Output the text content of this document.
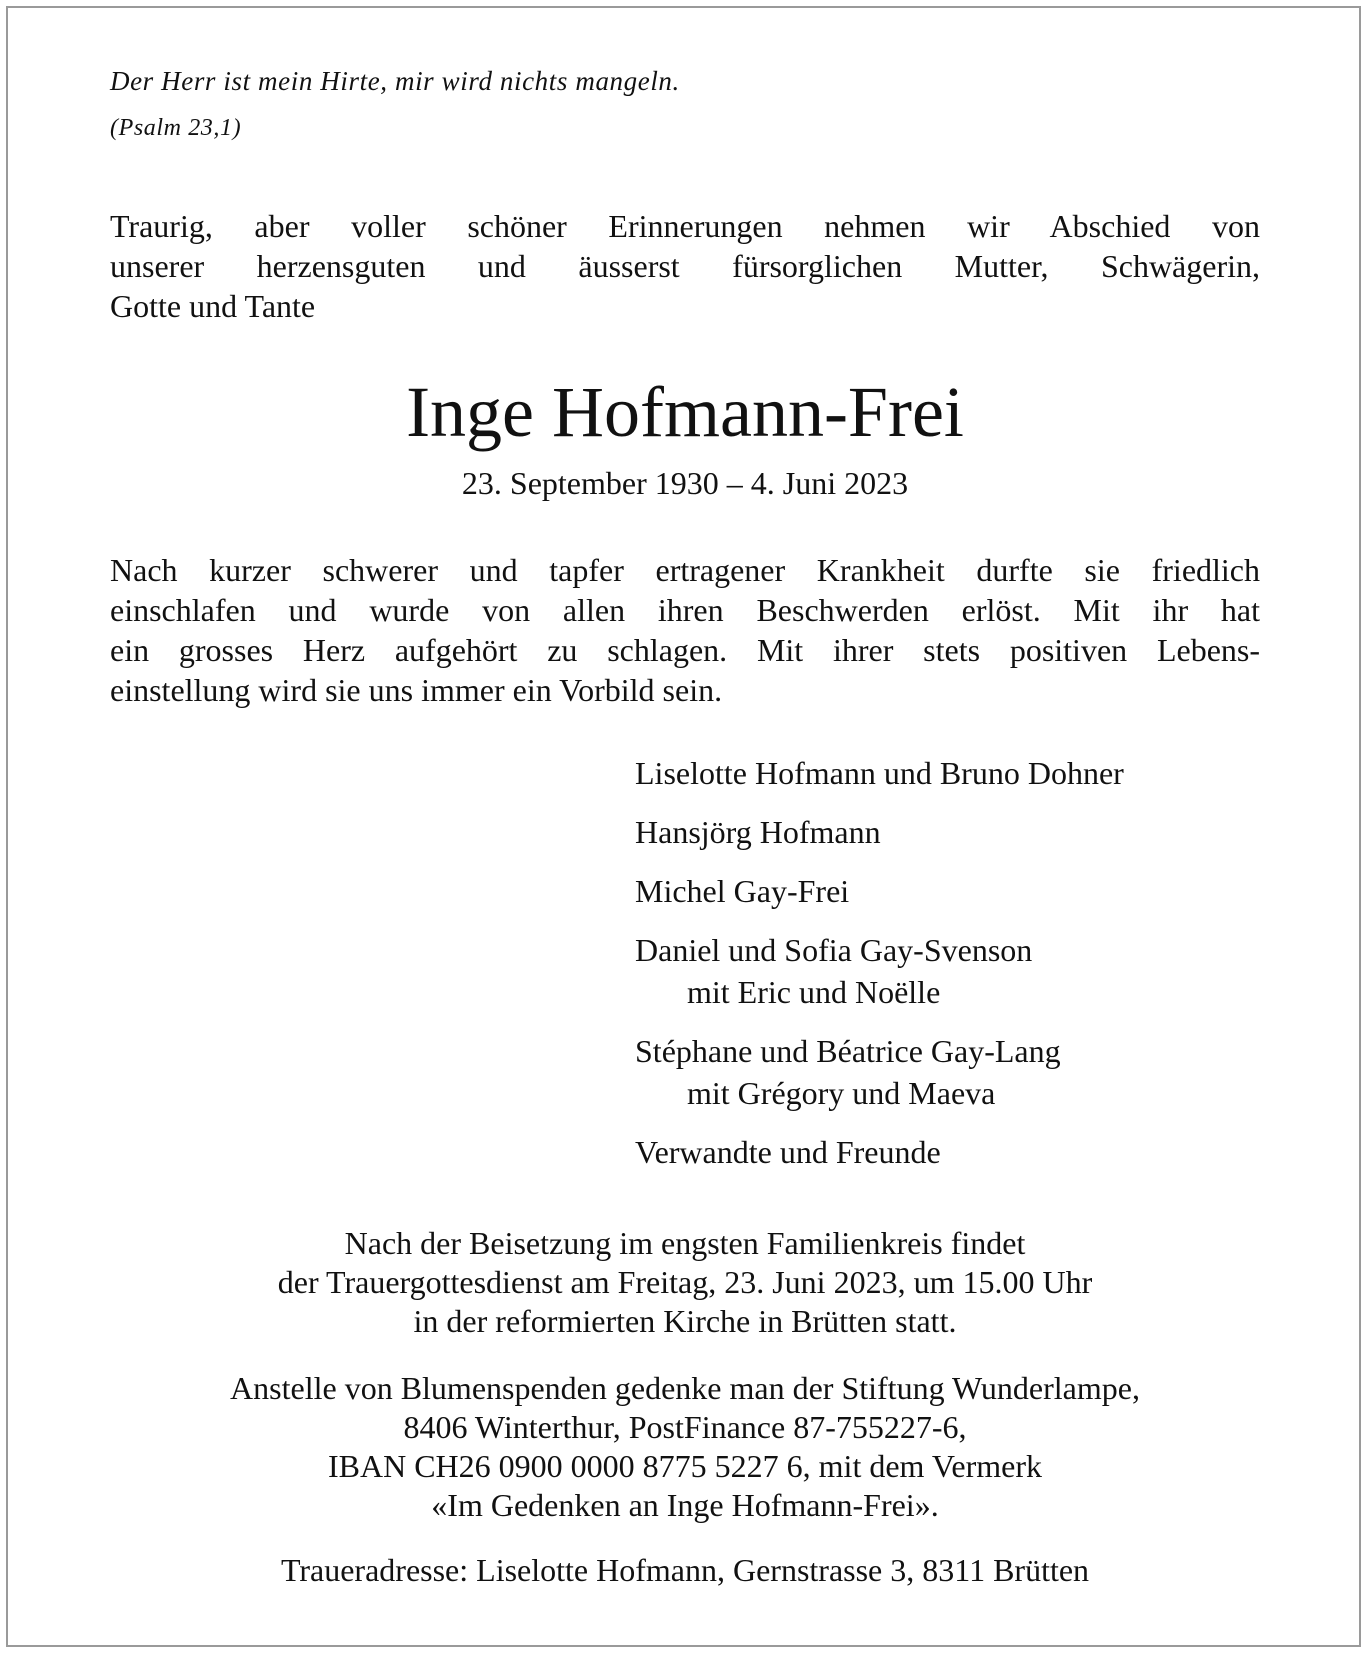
Der Herr ist mein Hirte, mir wird nichts mangeln.
(Psalm 23,1)
Traurig, aber voller schöner Erinnerungen nehmen wir Abschied von
unserer herzensguten und äusserst fürsorglichen Mutter, Schwägerin,
Gotte und Tante
Inge Hofmann-Frei
23. September 1930 – 4. Juni 2023
Nach kurzer schwerer und tapfer ertragener Krankheit durfte sie friedlich
einschlafen und wurde von allen ihren Beschwerden erlöst. Mit ihr hat
ein grosses Herz aufgehört zu schlagen. Mit ihrer stets positiven Lebens-
einstellung wird sie uns immer ein Vorbild sein.
Liselotte Hofmann und Bruno Dohner
Hansjörg Hofmann
Michel Gay-Frei
Daniel und Sofia Gay-Svenson
mit Eric und Noëlle
Stéphane und Béatrice Gay-Lang
mit Grégory und Maeva
Verwandte und Freunde
Nach der Beisetzung im engsten Familienkreis findet
der Trauergottesdienst am Freitag, 23. Juni 2023, um 15.00 Uhr
in der reformierten Kirche in Brütten statt.
Anstelle von Blumenspenden gedenke man der Stiftung Wunderlampe,
8406 Winterthur, PostFinance 87-755227-6,
IBAN CH26 0900 0000 8775 5227 6, mit dem Vermerk
«Im Gedenken an Inge Hofmann-Frei».
Traueradresse: Liselotte Hofmann, Gernstrasse 3, 8311 Brütten
